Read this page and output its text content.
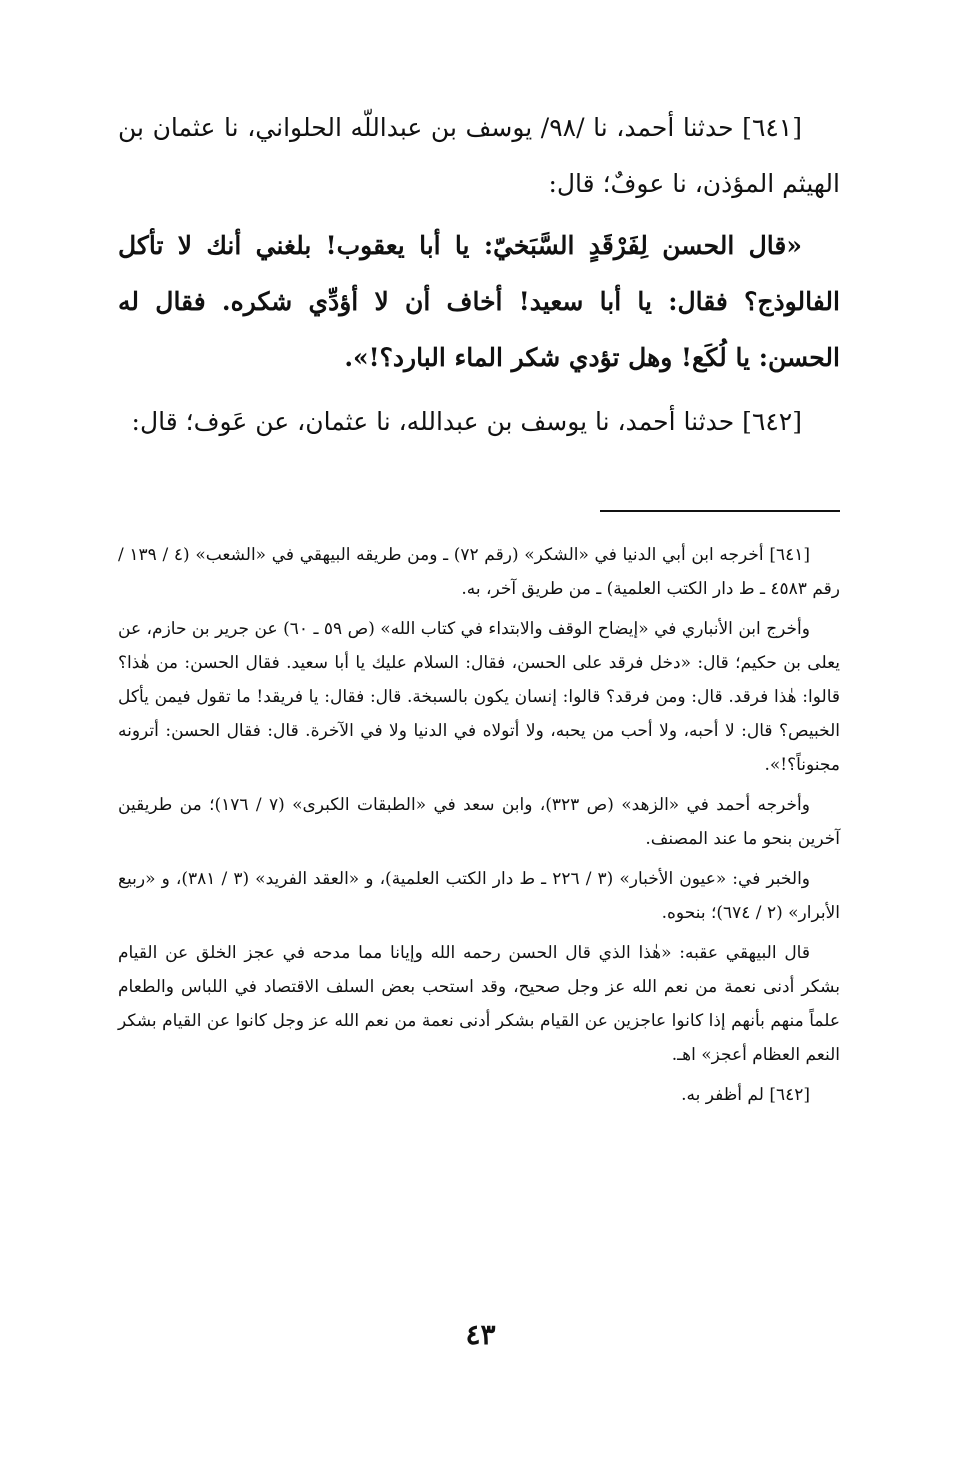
[٦٤١] حدثنا أحمد، نا /٩٨/ يوسف بن عبداللّه الحلواني، نا عثمان بن الهيثم المؤذن، نا عوفٌ؛ قال:

«قال الحسن لِفَرْقَدٍ السَّبَخيّ: يا أبا يعقوب! بلغني أنك لا تأكل الفالوذج؟ فقال: يا أبا سعيد! أخاف أن لا أؤدِّي شكره. فقال له الحسن: يا لُكَع! وهل تؤدي شكر الماء البارد؟!».

[٦٤٢] حدثنا أحمد، نا يوسف بن عبدالله، نا عثمان، عن عَوف؛ قال:

[٦٤١] أخرجه ابن أبي الدنيا في «الشكر» (رقم ٧٢) ـ ومن طريقه البيهقي في «الشعب» (٤ / ١٣٩ / رقم ٤٥٨٣ ـ ط دار الكتب العلمية) ـ من طريق آخر، به.

وأخرج ابن الأنباري في «إيضاح الوقف والابتداء في كتاب الله» (ص ٥٩ ـ ٦٠) عن جرير بن حازم، عن يعلى بن حكيم؛ قال: «دخل فرقد على الحسن، فقال: السلام عليك يا أبا سعيد. فقال الحسن: من هٰذا؟ قالوا: هٰذا فرقد. قال: ومن فرقد؟ قالوا: إنسان يكون بالسبخة. قال: فقال: يا فريقد! ما تقول فيمن يأكل الخبيص؟ قال: لا أحبه، ولا أحب من يحبه، ولا أتولاه في الدنيا ولا في الآخرة. قال: فقال الحسن: أترونه مجنوناً؟!».

وأخرجه أحمد في «الزهد» (ص ٣٢٣)، وابن سعد في «الطبقات الكبرى» (٧ / ١٧٦)؛ من طريقين آخرين بنحو ما عند المصنف.

والخبر في: «عيون الأخبار» (٣ / ٢٢٦ ـ ط دار الكتب العلمية)، و «العقد الفريد» (٣ / ٣٨١)، و «ربيع الأبرار» (٢ / ٦٧٤)؛ بنحوه.

قال البيهقي عقبه: «هٰذا الذي قال الحسن رحمه الله وإيانا مما مدحه في عجز الخلق عن القيام بشكر أدنى نعمة من نعم الله عز وجل صحيح، وقد استحب بعض السلف الاقتصاد في اللباس والطعام علماً منهم بأنهم إذا كانوا عاجزين عن القيام بشكر أدنى نعمة من نعم الله عز وجل كانوا عن القيام بشكر النعم العظام أعجز» اهـ.

[٦٤٢] لم أظفر به.

٤٣
